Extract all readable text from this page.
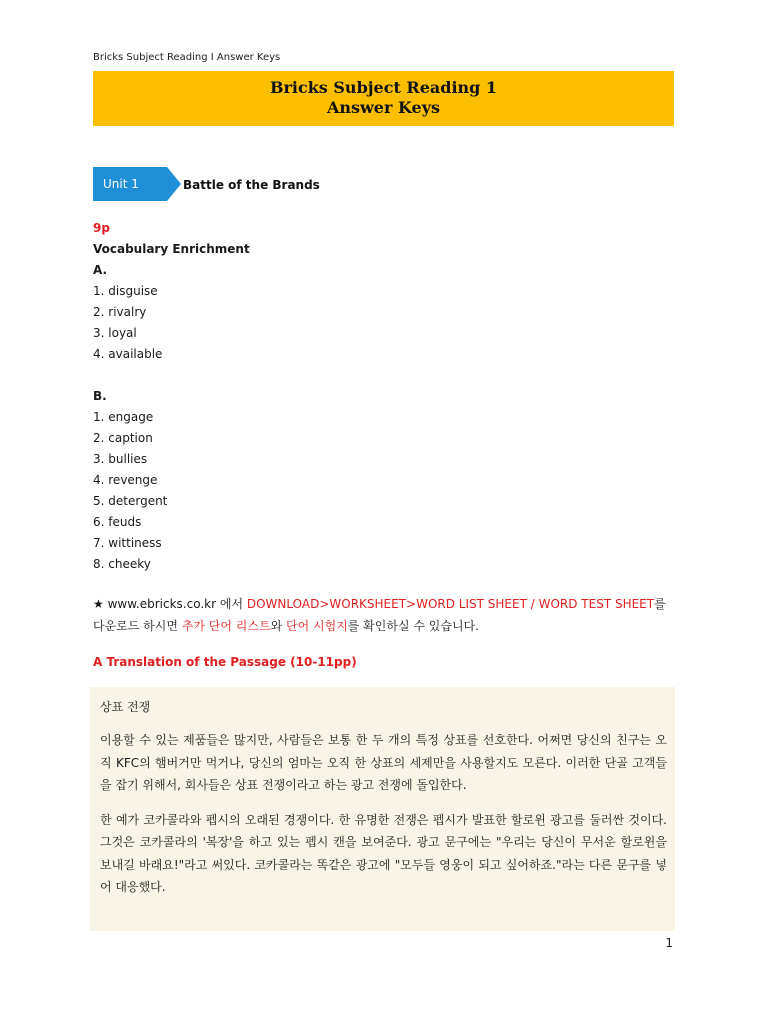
Bricks Subject Reading I Answer Keys
Bricks Subject Reading 1
Answer Keys
Unit 1	Battle of the Brands
9p
Vocabulary Enrichment
A.
1. disguise
2. rivalry
3. loyal
4. available
B.
1. engage
2. caption
3. bullies
4. revenge
5. detergent
6. feuds
7. wittiness
8. cheeky
★ www.ebricks.co.kr 에서 DOWNLOAD>WORKSHEET>WORD LIST SHEET / WORD TEST SHEET를
다운로드 하시면 추가 단어 리스트와 단어 시험지를 확인하실 수 있습니다.
A Translation of the Passage (10-11pp)
상표 전쟁

이용할 수 있는 제품들은 많지만, 사람들은 보통 한 두 개의 특정 상표를 선호한다. 어쩌면 당신의 친구는 오직 KFC의 햄버거만 먹거나, 당신의 엄마는 오직 한 상표의 세제만을 사용할지도 모른다. 이러한 단골 고객들을 잡기 위해서, 회사들은 상표 전쟁이라고 하는 광고 전쟁에 돌입한다.

한 예가 코카콜라와 펩시의 오래된 경쟁이다. 한 유명한 전쟁은 펩시가 발표한 할로윈 광고를 둘러싼 것이다. 그것은 코카콜라의 '복장'을 하고 있는 펩시 캔을 보여준다. 광고 문구에는 "우리는 당신이 무서운 할로윈을 보내길 바래요!"라고 써있다. 코카콜라는 똑같은 광고에 "모두들 영웅이 되고 싶어하죠."라는 다른 문구를 넣어 대응했다.

1
